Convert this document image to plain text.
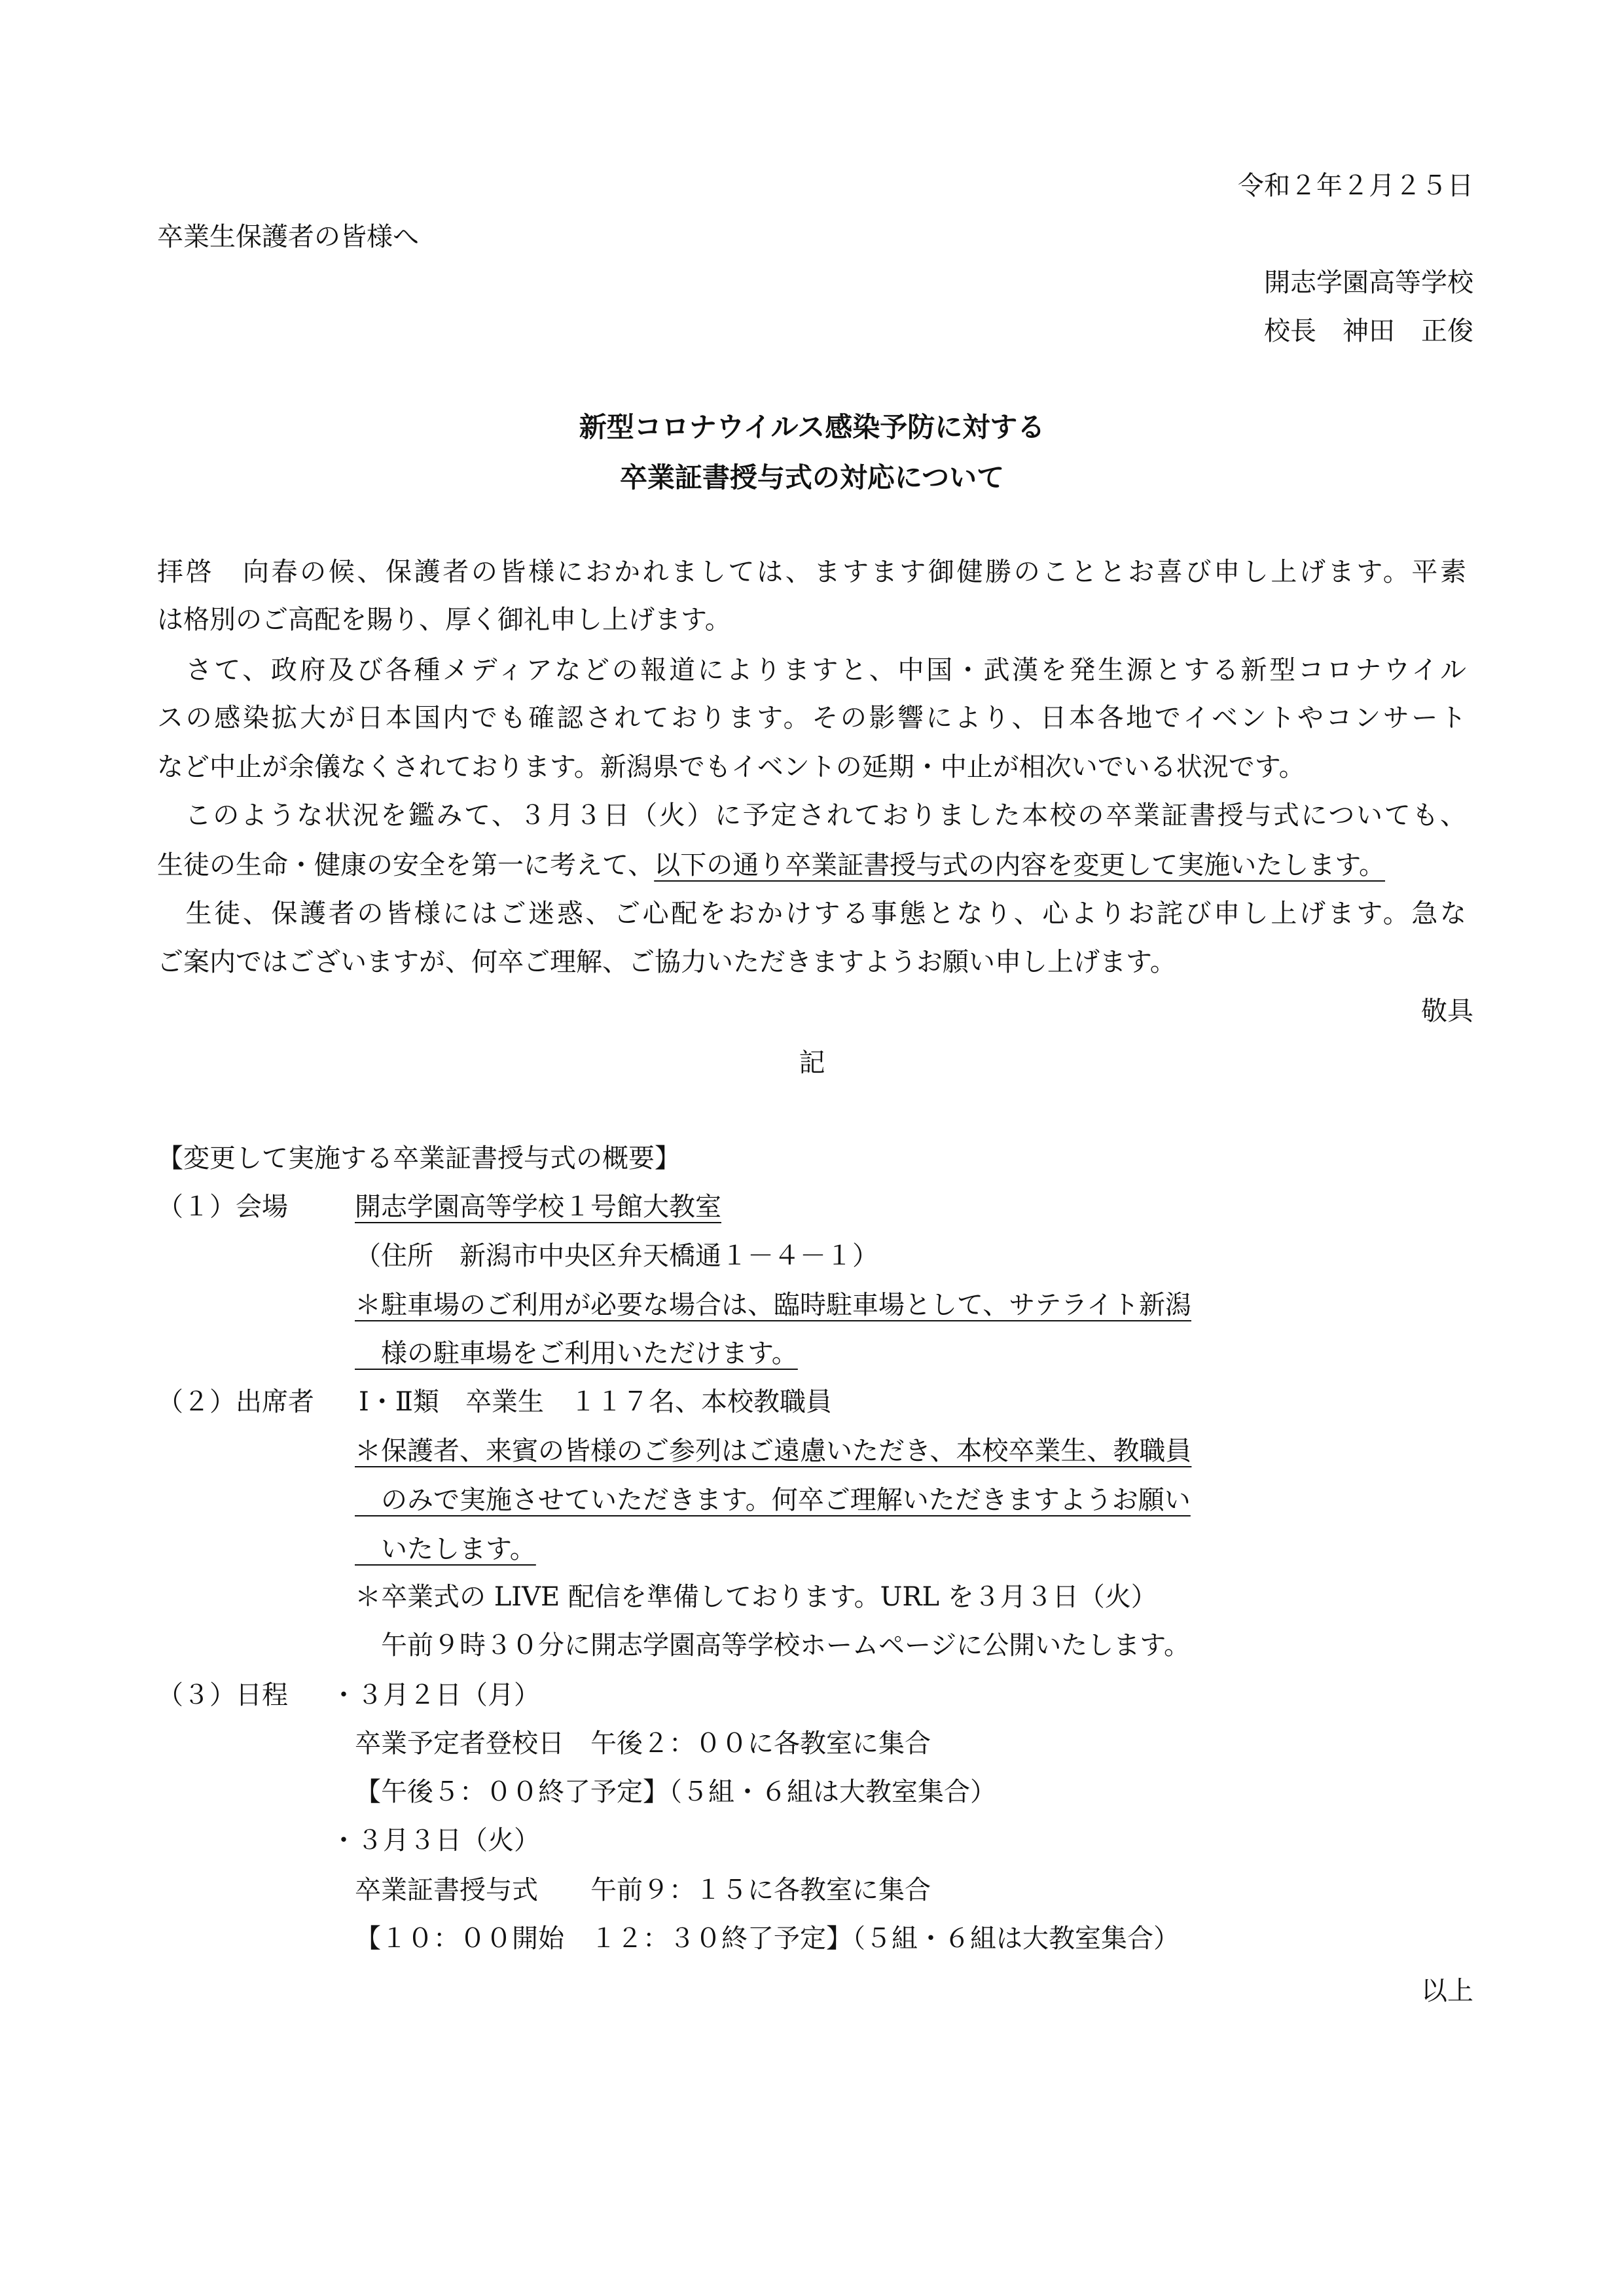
令和２年２月２５日
卒業生保護者の皆様へ
開志学園高等学校
校長　神田　正俊
新型コロナウイルス感染予防に対する
卒業証書授与式の対応について
拝啓　向春の候、保護者の皆様におかれましては、ますます御健勝のこととお喜び申し上げます。平素
は格別のご高配を賜り、厚く御礼申し上げます。
　さて、政府及び各種メディアなどの報道によりますと、中国・武漢を発生源とする新型コロナウイル
スの感染拡大が日本国内でも確認されております。その影響により、日本各地でイベントやコンサート
など中止が余儀なくされております。新潟県でもイベントの延期・中止が相次いでいる状況です。
　このような状況を鑑みて、３月３日（火）に予定されておりました本校の卒業証書授与式についても、
生徒の生命・健康の安全を第一に考えて、以下の通り卒業証書授与式の内容を変更して実施いたします。
　生徒、保護者の皆様にはご迷惑、ご心配をおかけする事態となり、心よりお詫び申し上げます。急な
ご案内ではございますが、何卒ご理解、ご協力いただきますようお願い申し上げます。
敬具
記
【変更して実施する卒業証書授与式の概要】
（１）会場	開志学園高等学校１号館大教室
（住所　新潟市中央区弁天橋通１－４－１）
＊駐車場のご利用が必要な場合は、臨時駐車場として、サテライト新潟
　様の駐車場をご利用いただけます。
（２）出席者 Ⅰ・Ⅱ類　卒業生　１１７名、本校教職員
＊保護者、来賓の皆様のご参列はご遠慮いただき、本校卒業生、教職員
　のみで実施させていただきます。何卒ご理解いただきますようお願い
　いたします。
＊卒業式の LIVE 配信を準備しております。URL を３月３日（火）
　午前９時３０分に開志学園高等学校ホームページに公開いたします。
（３）日程 ・３月２日（月）
卒業予定者登校日　午後２：００に各教室に集合
【午後５：００終了予定】（５組・６組は大教室集合）
・３月３日（火）
卒業証書授与式　　午前９：１５に各教室に集合
【１０：００開始　１２：３０終了予定】（５組・６組は大教室集合）
以上
